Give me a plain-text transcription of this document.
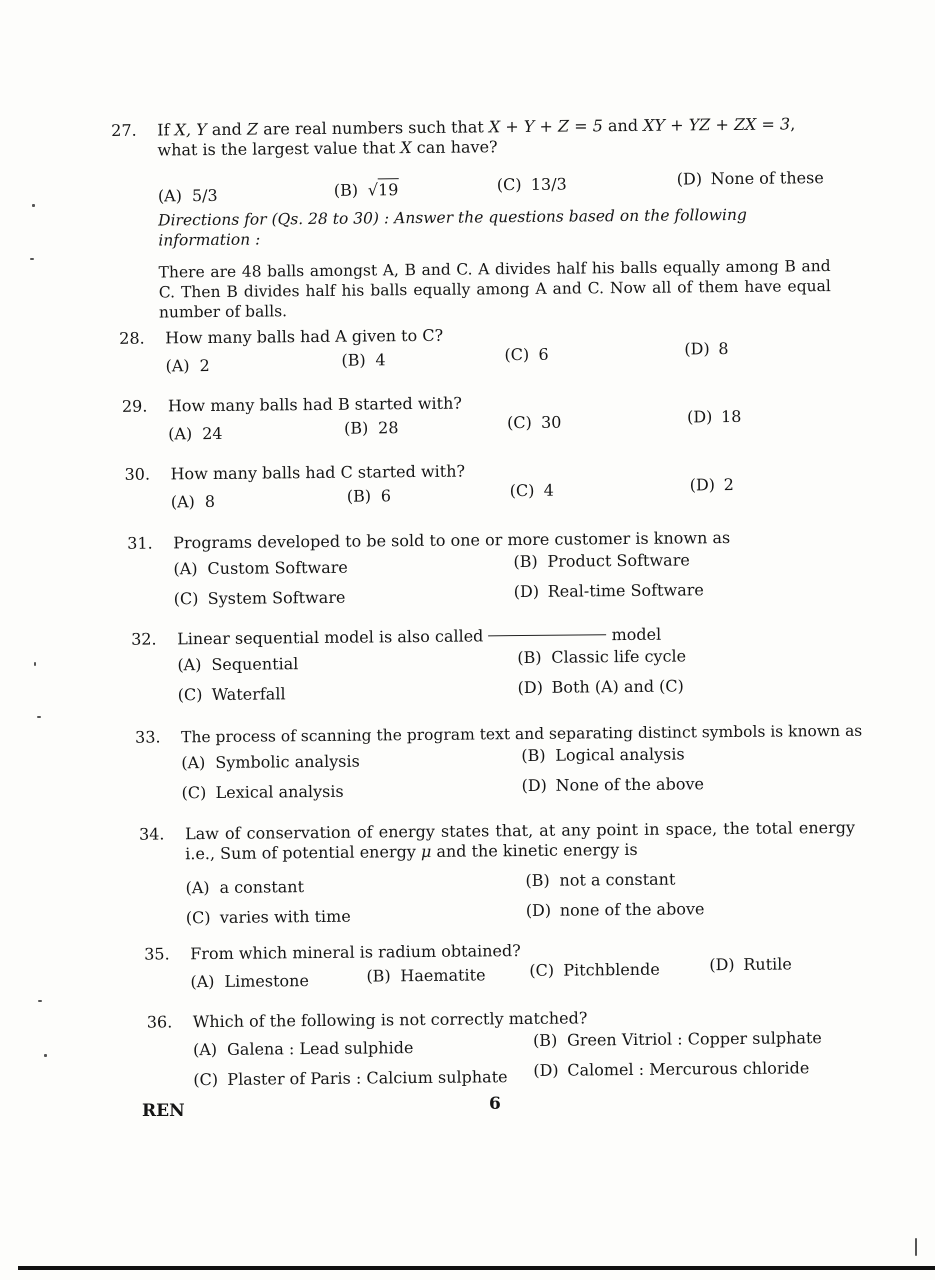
27.	If X, Y and Z are real numbers such that X + Y + Z = 5 and XY + YZ + ZX = 3, what is the largest value that X can have?
(A) 5/3	(B) √19	(C) 13/3	(D) None of these
Directions for (Qs. 28 to 30) : Answer the questions based on the following information :
There are 48 balls amongst A, B and C. A divides half his balls equally among B and C. Then B divides half his balls equally among A and C. Now all of them have equal number of balls.
28.	How many balls had A given to C?
(A) 2	(B) 4	(C) 6	(D) 8
29.	How many balls had B started with?
(A) 24	(B) 28	(C) 30	(D) 18
30.	How many balls had C started with?
(A) 8	(B) 6	(C) 4	(D) 2
31.	Programs developed to be sold to one or more customer is known as
(A) Custom Software	(B) Product Software
(C) System Software	(D) Real-time Software
32.	Linear sequential model is also called	model
(A) Sequential	(B) Classic life cycle
(C) Waterfall	(D) Both (A) and (C)
33.	The process of scanning the program text and separating distinct symbols is known as
(A) Symbolic analysis	(B) Logical analysis
(C) Lexical analysis	(D) None of the above
34.	Law of conservation of energy states that, at any point in space, the total energy i.e., Sum of potential energy μ and the kinetic energy is
(A) a constant	(B) not a constant
(C) varies with time	(D) none of the above
35.	From which mineral is radium obtained?
(A) Limestone	(B) Haematite	(C) Pitchblende	(D) Rutile
36.	Which of the following is not correctly matched?
(A) Galena : Lead sulphide	(B) Green Vitriol : Copper sulphate
(C) Plaster of Paris : Calcium sulphate (D) Calomel : Mercurous chloride
REN	6
